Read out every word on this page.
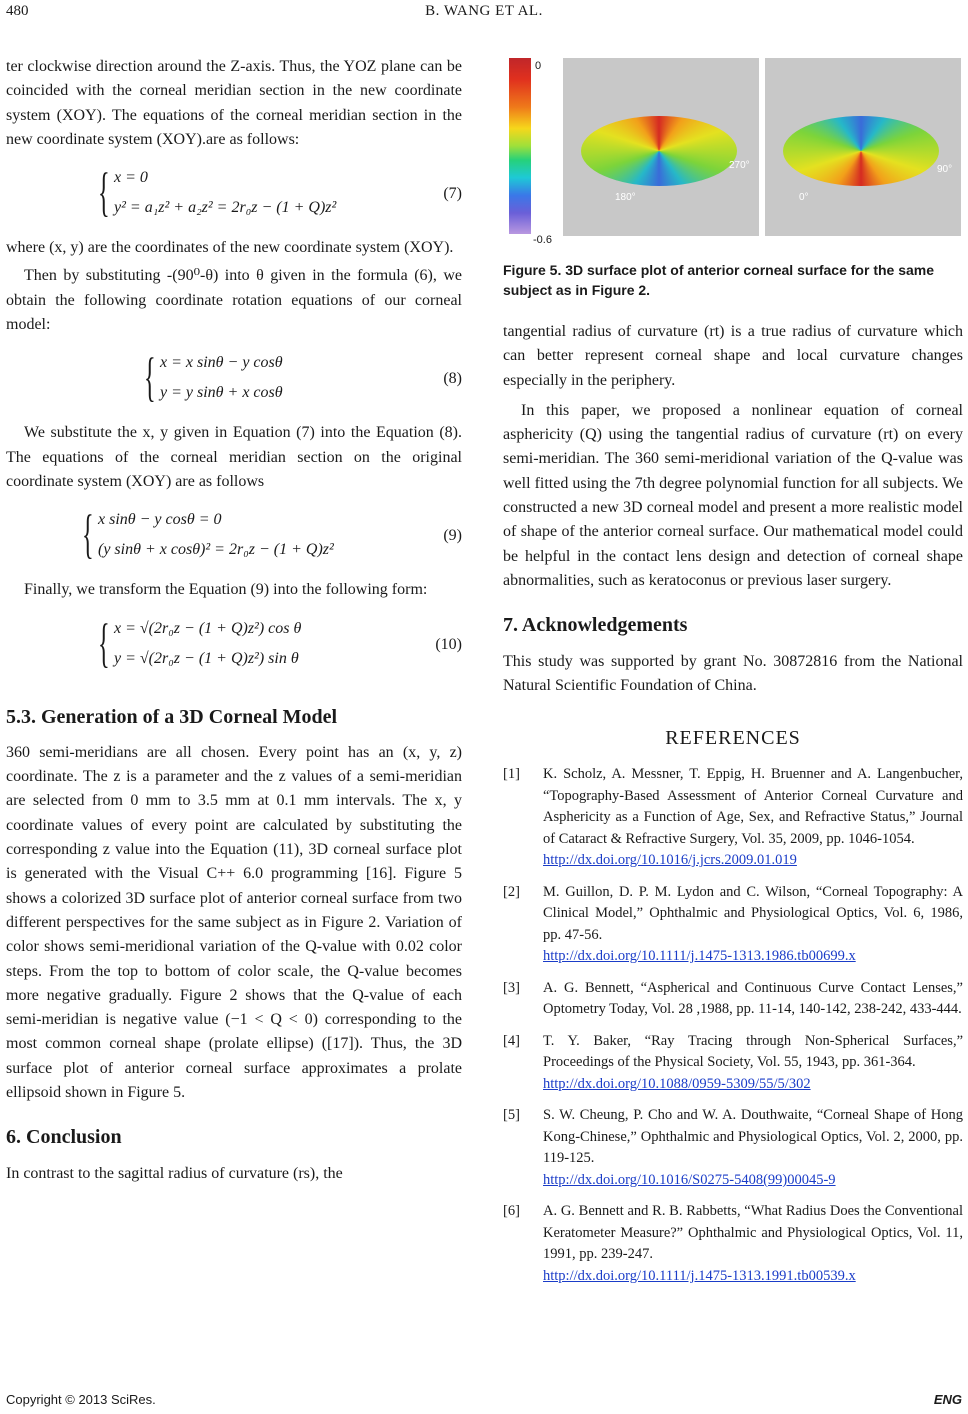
480	B. WANG ET AL.

ter clockwise direction around the Z-axis. Thus, the YOZ plane can be coincided with the corneal meridian section in the new coordinate system (XOY). The equations of the corneal meridian section in the new coordinate system (XOY).are as follows:

{ x = 0
y² = a₁z² + a₂z² = 2r₀z − (1 + Q)z²
(7)

where (x, y) are the coordinates of the new coordinate system (XOY).

Then by substituting -(90⁰-θ) into θ given in the formula (6), we obtain the following coordinate rotation equations of our corneal model:

{ x = x sinθ − y cosθ
y = y sinθ + x cosθ
(8)

We substitute the x, y given in Equation (7) into the Equation (8). The equations of the corneal meridian section on the original coordinate system (XOY) are as follows

{ x sinθ − y cosθ = 0
(y sinθ + x cosθ)² = 2r₀z − (1 + Q)z²
(9)

Finally, we transform the Equation (9) into the following form:

{ x = √(2r₀z − (1 + Q)z²) cos θ
y = √(2r₀z − (1 + Q)z²) sin θ
(10)
5.3. Generation of a 3D Corneal Model

360 semi-meridians are all chosen. Every point has an (x, y, z) coordinate. The z is a parameter and the z values of a semi-meridian are selected from 0 mm to 3.5 mm at 0.1 mm intervals. The x, y coordinate values of every point are calculated by substituting the corresponding z value into the Equation (11), 3D corneal surface plot is generated with the Visual C++ 6.0 programming [16]. Figure 5 shows a colorized 3D surface plot of anterior corneal surface from two different perspectives for the same subject as in Figure 2. Variation of color shows semi-meridional variation of the Q-value with 0.02 color steps. From the top to bottom of color scale, the Q-value becomes more negative gradually. Figure 2 shows that the Q-value of each semi-meridian is negative value (−1 < Q < 0) corresponding to the most common corneal shape (prolate ellipse) ([17]). Thus, the 3D surface plot of anterior corneal surface approximates a prolate ellipsoid shown in Figure 5.

6. Conclusion

In contrast to the sagittal radius of curvature (rs), the

0
-0.6
270°
180°
90°
0°
Figure 5. 3D surface plot of anterior corneal surface for the same subject as in Figure 2.

tangential radius of curvature (rt) is a true radius of curvature which can better represent corneal shape and local curvature changes especially in the periphery.

In this paper, we proposed a nonlinear equation of corneal asphericity (Q) using the tangential radius of curvature (rt) on every semi-meridian. The 360 semi-meridional variation of the Q-value was well fitted using the 7th degree polynomial function for all subjects. We constructed a new 3D corneal model and present a more realistic model of shape of the anterior corneal surface. Our mathematical model could be helpful in the contact lens design and detection of corneal shape abnormalities, such as keratoconus or previous laser surgery.

7. Acknowledgements

This study was supported by grant No. 30872816 from the National Natural Scientific Foundation of China.

REFERENCES
[1] K. Scholz, A. Messner, T. Eppig, H. Bruenner and A. Langenbucher, “Topography-Based Assessment of Anterior Corneal Curvature and Asphericity as a Function of Age, Sex, and Refractive Status,” Journal of Cataract & Refractive Surgery, Vol. 35, 2009, pp. 1046-1054.
http://dx.doi.org/10.1016/j.jcrs.2009.01.019
[2] M. Guillon, D. P. M. Lydon and C. Wilson, “Corneal Topography: A Clinical Model,” Ophthalmic and Physiological Optics, Vol. 6, 1986, pp. 47-56.
http://dx.doi.org/10.1111/j.1475-1313.1986.tb00699.x
[3] A. G. Bennett, “Aspherical and Continuous Curve Contact Lenses,” Optometry Today, Vol. 28 ,1988, pp. 11-14, 140-142, 238-242, 433-444.
[4] T. Y. Baker, “Ray Tracing through Non-Spherical Surfaces,” Proceedings of the Physical Society, Vol. 55, 1943, pp. 361-364.
http://dx.doi.org/10.1088/0959-5309/55/5/302
[5] S. W. Cheung, P. Cho and W. A. Douthwaite, “Corneal Shape of Hong Kong-Chinese,” Ophthalmic and Physiological Optics, Vol. 2, 2000, pp. 119-125.
http://dx.doi.org/10.1016/S0275-5408(99)00045-9
[6] A. G. Bennett and R. B. Rabbetts, “What Radius Does the Conventional Keratometer Measure?” Ophthalmic and Physiological Optics, Vol. 11, 1991, pp. 239-247.
http://dx.doi.org/10.1111/j.1475-1313.1991.tb00539.x
Copyright © 2013 SciRes.	ENG
